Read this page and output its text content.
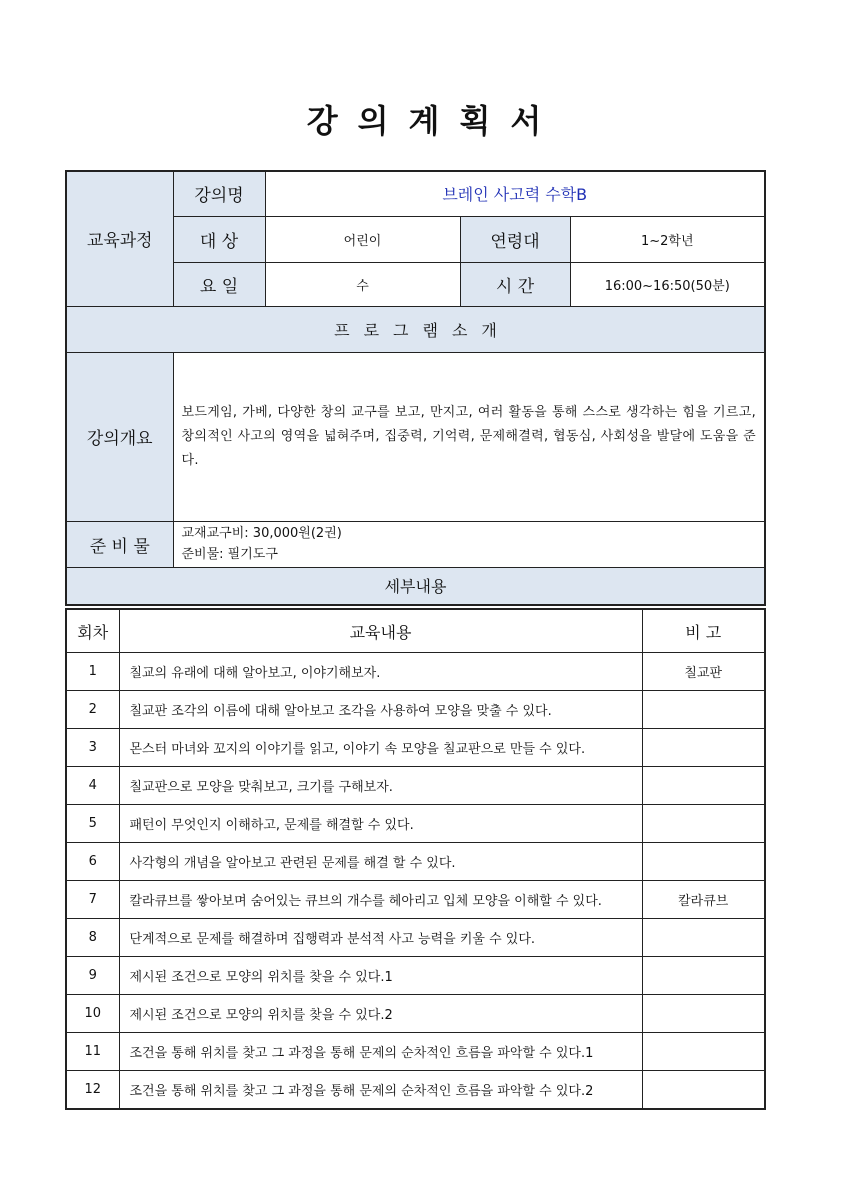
강의계획서
교육과정	강의명	브레인 사고력 수학B		
	대 상	어린이	연령대	1~2학년
	요 일	수	시 간	16:00~16:50(50분)
프로그램소개				
강의개요	보드게임, 가베, 다양한 창의 교구를 보고, 만지고, 여러 활동을 통해 스스로 생각하는 힘을 기르고, 창의적인 사고의 영역을 넓혀주며, 집중력, 기억력, 문제해결력, 협동심, 사회성을 발달에 도움을 준다.			
준 비 물	교재교구비: 30,000원(2권)
준비물: 필기도구			

세부내용				
회차	교육내용	비 고
1	칠교의 유래에 대해 알아보고, 이야기해보자.	칠교판
2	칠교판 조각의 이름에 대해 알아보고 조각을 사용하여 모양을 맞출 수 있다.	
3	몬스터 마녀와 꼬지의 이야기를 읽고, 이야기 속 모양을 칠교판으로 만들 수 있다.	
4	칠교판으로 모양을 맞춰보고, 크기를 구해보자.	
5	패턴이 무엇인지 이해하고, 문제를 해결할 수 있다.	
6	사각형의 개념을 알아보고 관련된 문제를 해결 할 수 있다.	
7	칼라큐브를 쌓아보며 숨어있는 큐브의 개수를 헤아리고 입체 모양을 이해할 수 있다.	칼라큐브
8	단계적으로 문제를 해결하며 집행력과 분석적 사고 능력을 키울 수 있다.	
9	제시된 조건으로 모양의 위치를 찾을 수 있다.1	
10	제시된 조건으로 모양의 위치를 찾을 수 있다.2	
11	조건을 통해 위치를 찾고 그 과정을 통해 문제의 순차적인 흐름을 파악할 수 있다.1	
12	조건을 통해 위치를 찾고 그 과정을 통해 문제의 순차적인 흐름을 파악할 수 있다.2	
